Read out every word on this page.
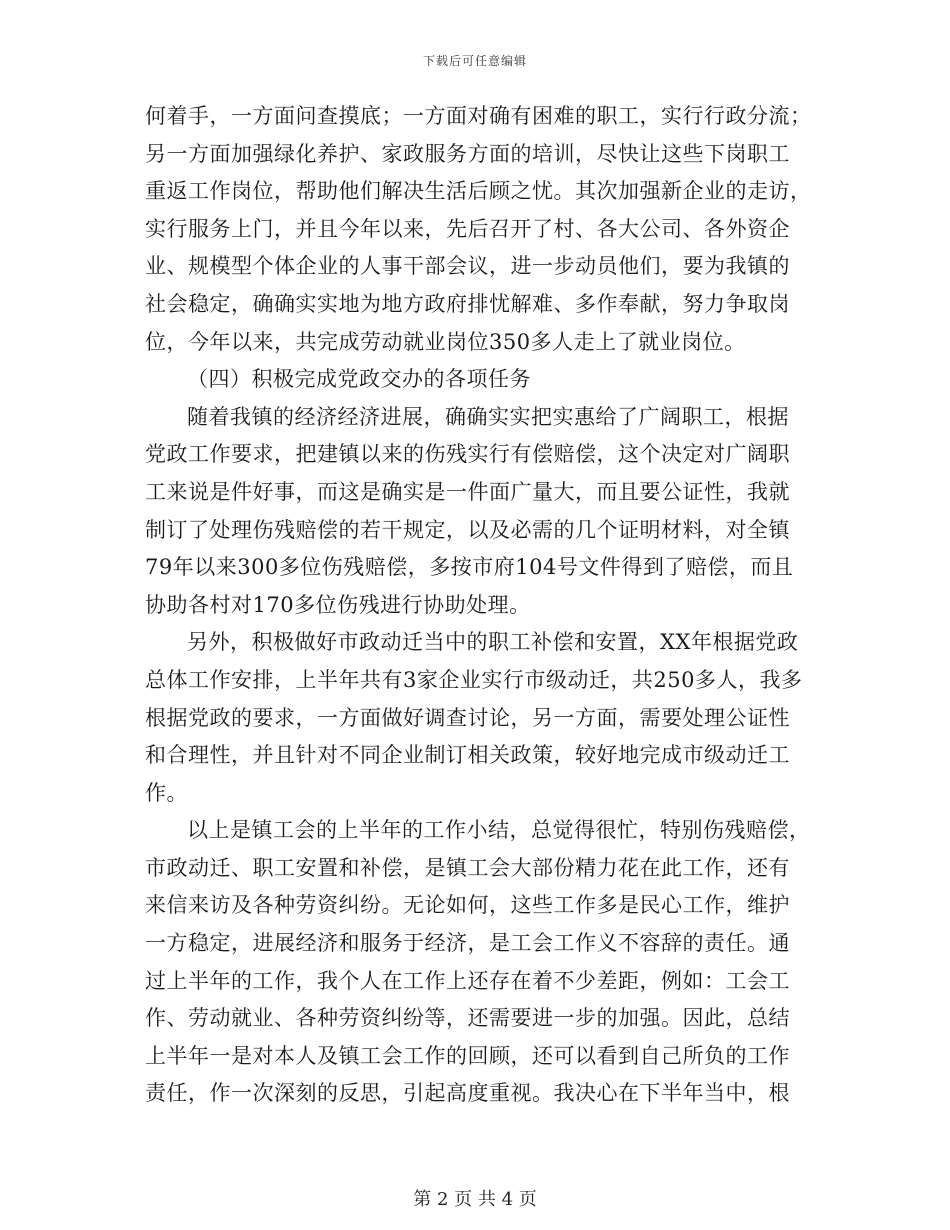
下载后可任意编辑
何着手，一方面问查摸底；一方面对确有困难的职工，实行行政分流；
另一方面加强绿化养护、家政服务方面的培训，尽快让这些下岗职工
重返工作岗位，帮助他们解决生活后顾之忧。其次加强新企业的走访，
实行服务上门，并且今年以来，先后召开了村、各大公司、各外资企
业、规模型个体企业的人事干部会议，进一步动员他们，要为我镇的
社会稳定，确确实实地为地方政府排忧解难、多作奉献，努力争取岗
位，今年以来，共完成劳动就业岗位350多人走上了就业岗位。
（四）积极完成党政交办的各项任务
随着我镇的经济经济进展，确确实实把实惠给了广阔职工，根据
党政工作要求，把建镇以来的伤残实行有偿赔偿，这个决定对广阔职
工来说是件好事，而这是确实是一件面广量大，而且要公证性，我就
制订了处理伤残赔偿的若干规定，以及必需的几个证明材料，对全镇
79年以来300多位伤残赔偿，多按市府104号文件得到了赔偿，而且
协助各村对170多位伤残进行协助处理。
另外，积极做好市政动迁当中的职工补偿和安置，XX年根据党政
总体工作安排，上半年共有3家企业实行市级动迁，共250多人，我多
根据党政的要求，一方面做好调查讨论，另一方面，需要处理公证性
和合理性，并且针对不同企业制订相关政策，较好地完成市级动迁工
作。
以上是镇工会的上半年的工作小结，总觉得很忙，特别伤残赔偿，
市政动迁、职工安置和补偿，是镇工会大部份精力花在此工作，还有
来信来访及各种劳资纠纷。无论如何，这些工作多是民心工作，维护
一方稳定，进展经济和服务于经济，是工会工作义不容辞的责任。通
过上半年的工作，我个人在工作上还存在着不少差距，例如：工会工
作、劳动就业、各种劳资纠纷等，还需要进一步的加强。因此，总结
上半年一是对本人及镇工会工作的回顾，还可以看到自己所负的工作
责任，作一次深刻的反思，引起高度重视。我决心在下半年当中，根
第 2 页 共 4 页
